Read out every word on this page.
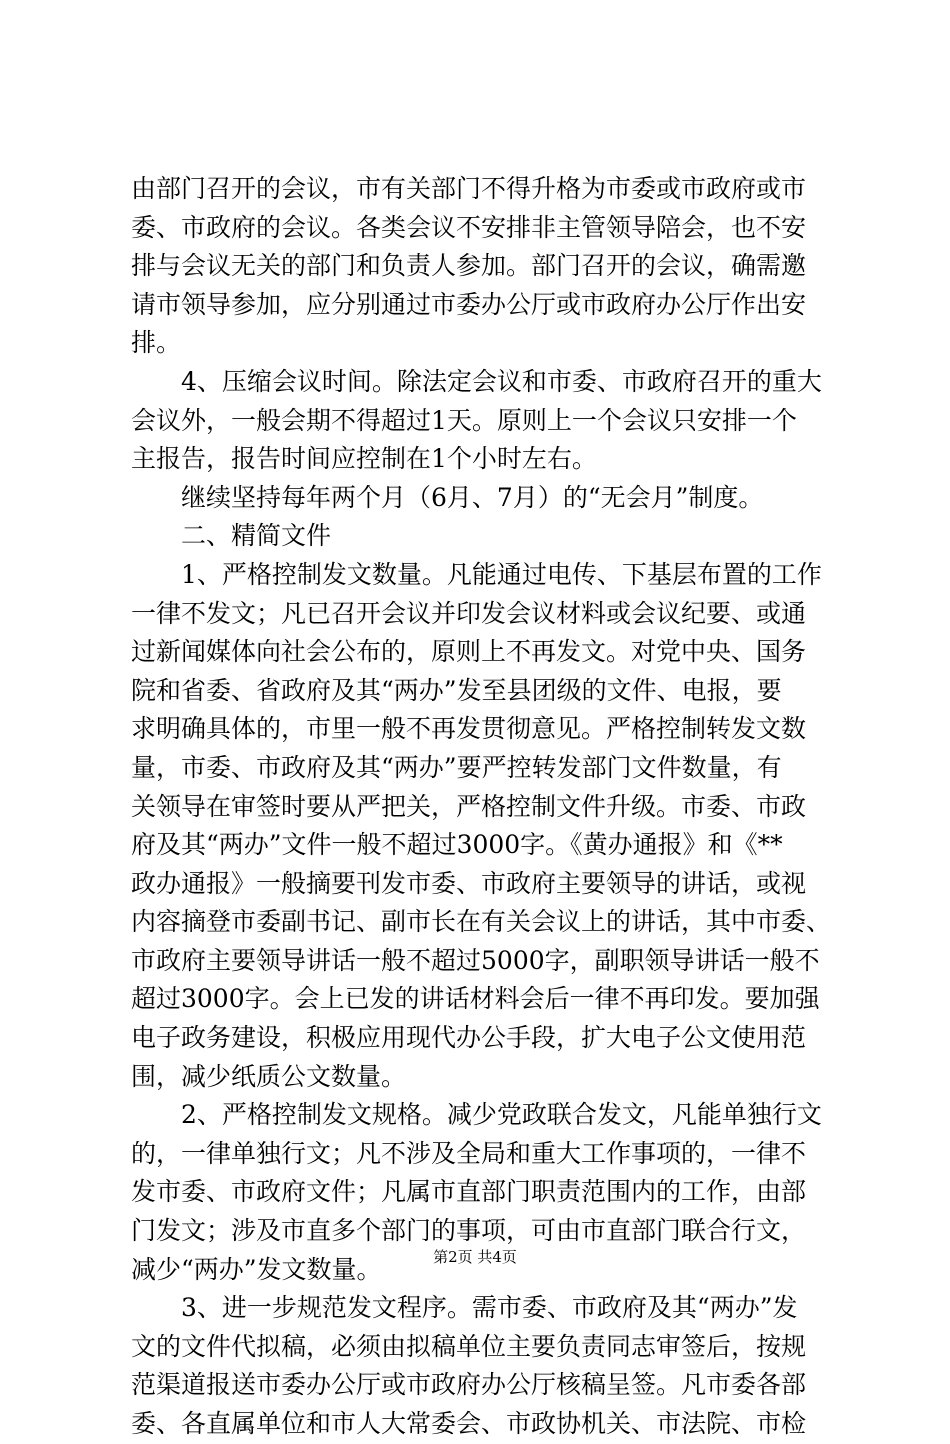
由部门召开的会议，市有关部门不得升格为市委或市政府或市
委、市政府的会议。各类会议不安排非主管领导陪会，也不安
排与会议无关的部门和负责人参加。部门召开的会议，确需邀
请市领导参加，应分别通过市委办公厅或市政府办公厅作出安
排。
4、压缩会议时间。除法定会议和市委、市政府召开的重大
会议外，一般会期不得超过1天。原则上一个会议只安排一个
主报告，报告时间应控制在1个小时左右。
继续坚持每年两个月（6月、7月）的“无会月”制度。
二、精简文件
1、严格控制发文数量。凡能通过电传、下基层布置的工作
一律不发文；凡已召开会议并印发会议材料或会议纪要、或通
过新闻媒体向社会公布的，原则上不再发文。对党中央、国务
院和省委、省政府及其“两办”发至县团级的文件、电报，要
求明确具体的，市里一般不再发贯彻意见。严格控制转发文数
量，市委、市政府及其“两办”要严控转发部门文件数量，有
关领导在审签时要从严把关，严格控制文件升级。市委、市政
府及其“两办”文件一般不超过3000字。《黄办通报》和《**
政办通报》一般摘要刊发市委、市政府主要领导的讲话，或视
内容摘登市委副书记、副市长在有关会议上的讲话，其中市委、
市政府主要领导讲话一般不超过5000字，副职领导讲话一般不
超过3000字。会上已发的讲话材料会后一律不再印发。要加强
电子政务建设，积极应用现代办公手段，扩大电子公文使用范
围，减少纸质公文数量。
2、严格控制发文规格。减少党政联合发文，凡能单独行文
的，一律单独行文；凡不涉及全局和重大工作事项的，一律不
发市委、市政府文件；凡属市直部门职责范围内的工作，由部
门发文；涉及市直多个部门的事项，可由市直部门联合行文，
减少“两办”发文数量。
3、进一步规范发文程序。需市委、市政府及其“两办”发
文的文件代拟稿，必须由拟稿单位主要负责同志审签后，按规
范渠道报送市委办公厅或市政府办公厅核稿呈签。凡市委各部
委、各直属单位和市人大常委会、市政协机关、市法院、市检
第2页 共4页
